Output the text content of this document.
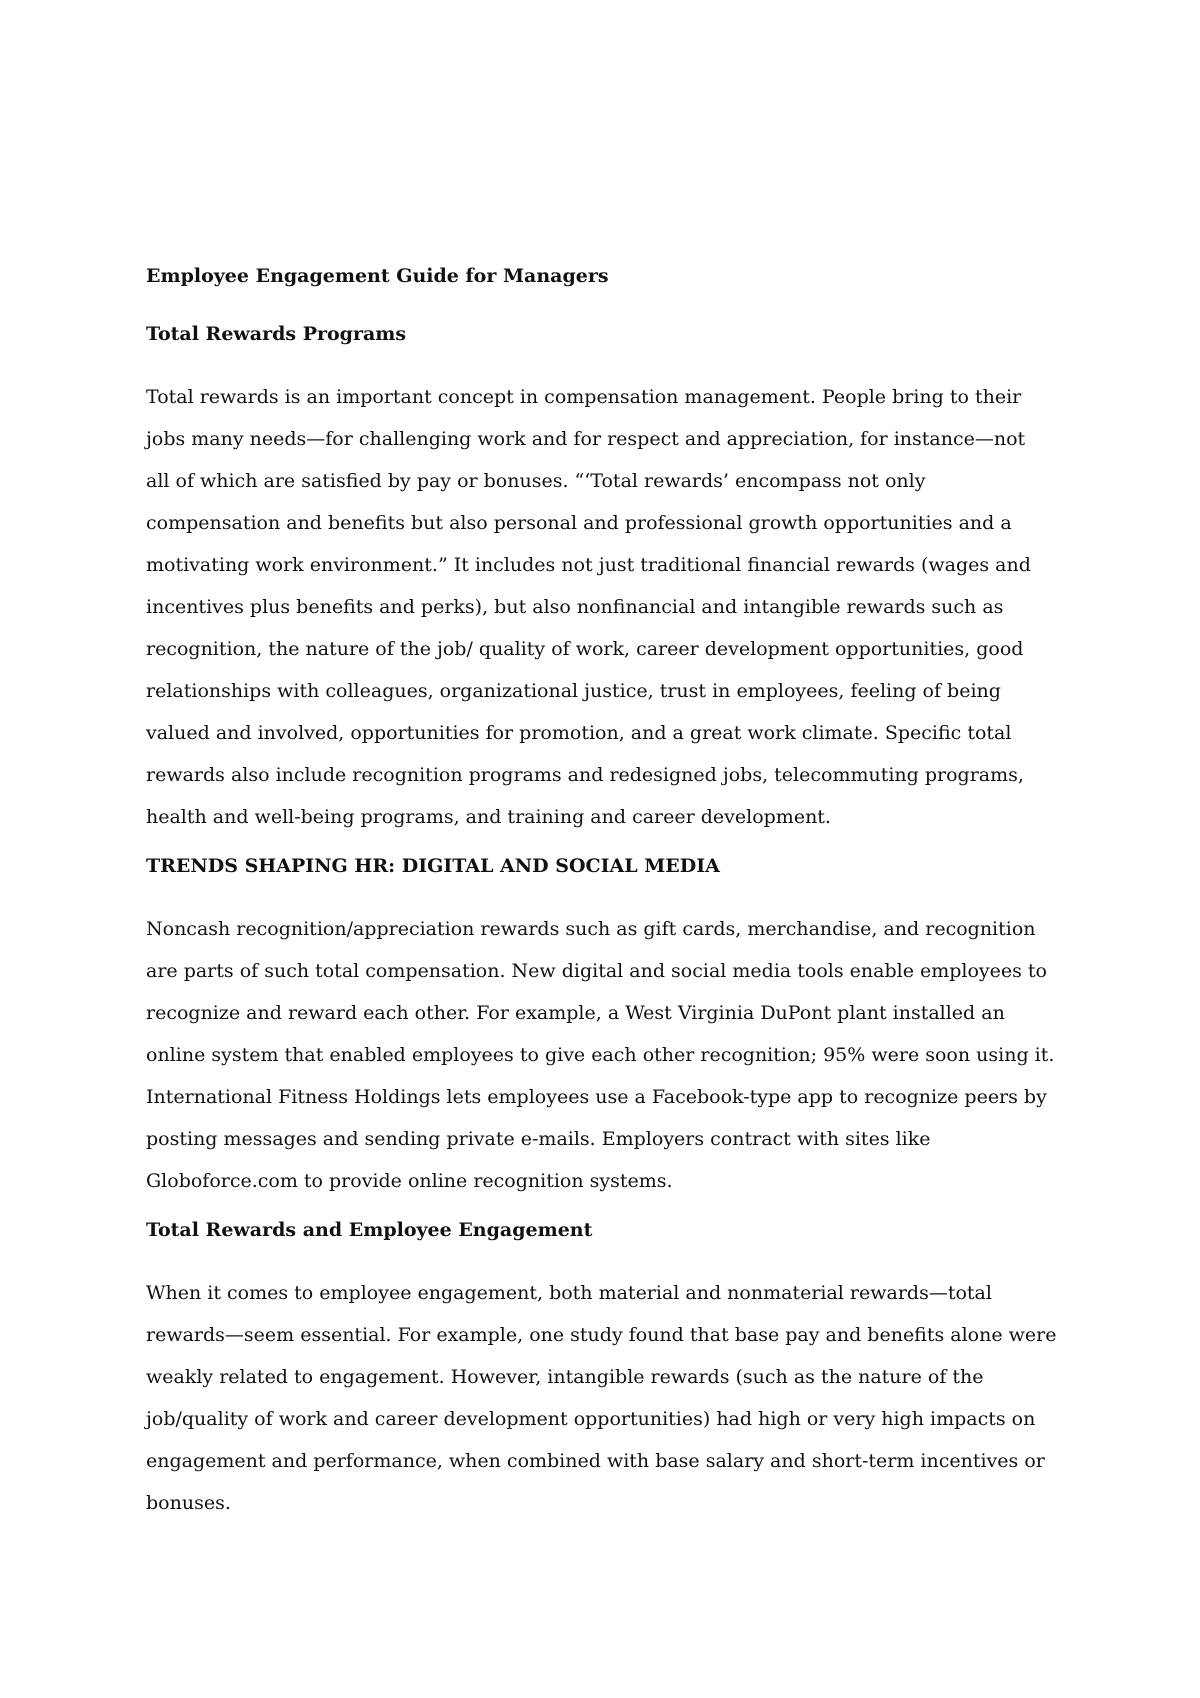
Employee Engagement Guide for Managers
Total Rewards Programs
Total rewards is an important concept in compensation management. People bring to their
jobs many needs—for challenging work and for respect and appreciation, for instance—not
all of which are satisfied by pay or bonuses. “‘Total rewards’ encompass not only
compensation and benefits but also personal and professional growth opportunities and a
motivating work environment.” It includes not just traditional financial rewards (wages and
incentives plus benefits and perks), but also nonfinancial and intangible rewards such as
recognition, the nature of the job/ quality of work, career development opportunities, good
relationships with colleagues, organizational justice, trust in employees, feeling of being
valued and involved, opportunities for promotion, and a great work climate. Specific total
rewards also include recognition programs and redesigned jobs, telecommuting programs,
health and well-being programs, and training and career development.
TRENDS SHAPING HR: DIGITAL AND SOCIAL MEDIA
Noncash recognition/appreciation rewards such as gift cards, merchandise, and recognition
are parts of such total compensation. New digital and social media tools enable employees to
recognize and reward each other. For example, a West Virginia DuPont plant installed an
online system that enabled employees to give each other recognition; 95% were soon using it.
International Fitness Holdings lets employees use a Facebook-type app to recognize peers by
posting messages and sending private e-mails. Employers contract with sites like
Globoforce.com to provide online recognition systems.
Total Rewards and Employee Engagement
When it comes to employee engagement, both material and nonmaterial rewards—total
rewards—seem essential. For example, one study found that base pay and benefits alone were
weakly related to engagement. However, intangible rewards (such as the nature of the
job/quality of work and career development opportunities) had high or very high impacts on
engagement and performance, when combined with base salary and short-term incentives or
bonuses.
